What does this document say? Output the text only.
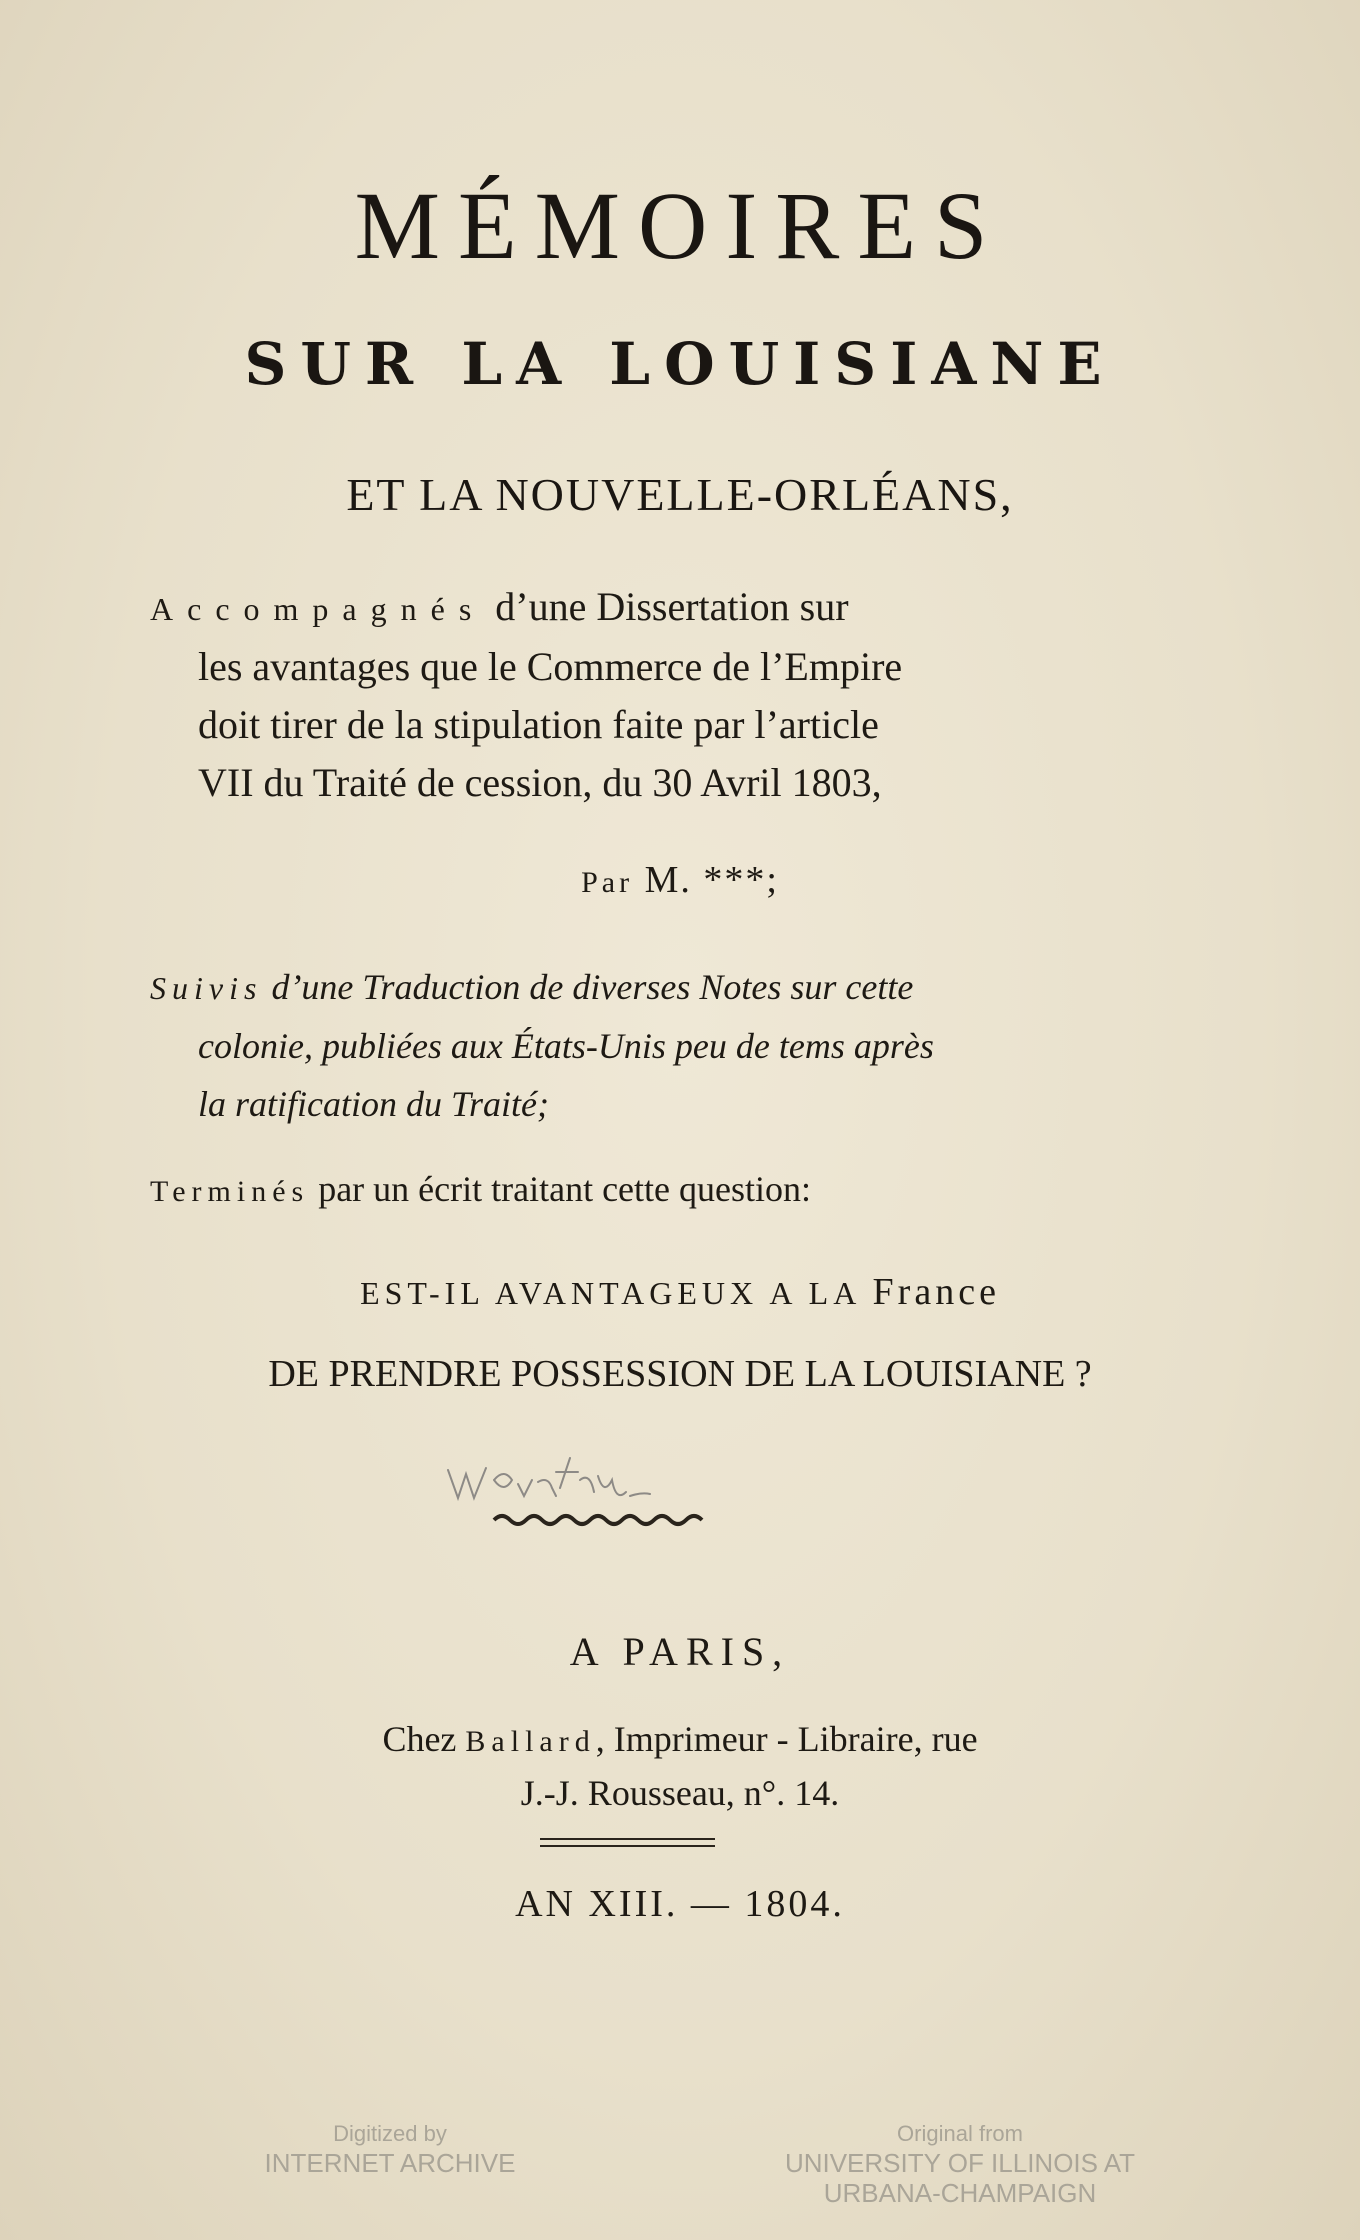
MÉMOIRES
SUR LA LOUISIANE
ET LA NOUVELLE-ORLÉANS,
Accompagnés d’une Dissertation sur
les avantages que le Commerce de l’Empire
doit tirer de la stipulation faite par l’article
VII du Traité de cession, du 30 Avril 1803,
Par M. ***;
Suivis d’une Traduction de diverses Notes sur cette
colonie, publiées aux États-Unis peu de tems après
la ratification du Traité;
Terminés par un écrit traitant cette question:
EST-IL AVANTAGEUX A LA France
DE PRENDRE POSSESSION DE LA LOUISIANE ?
A PARIS,
Chez Ballard, Imprimeur - Libraire, rue
J.-J. Rousseau, n°. 14.
AN XIII. — 1804.
Digitized by
INTERNET ARCHIVE
Original from
UNIVERSITY OF ILLINOIS AT
URBANA-CHAMPAIGN
